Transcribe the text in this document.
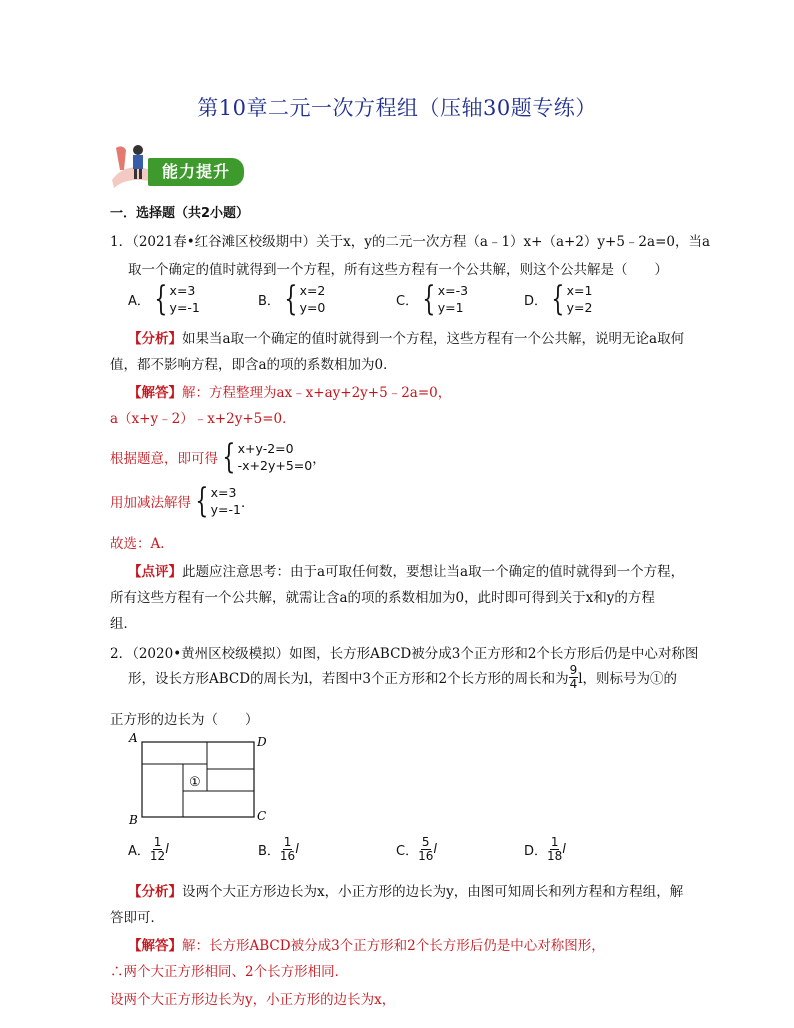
第10章二元一次方程组（压轴30题专练）
能力提升
一．选择题（共2小题）
1．（2021春•红谷滩区校级期中）关于x，y的二元一次方程（a﹣1）x+（a+2）y+5﹣2a=0，当a
取一个确定的值时就得到一个方程，所有这些方程有一个公共解，则这个公共解是（　　）
A． { x=3
y=-1	B． { x=2
y=0	C． { x=-3
y=1	D． { x=1
y=2
【分析】如果当a取一个确定的值时就得到一个方程，这些方程有一个公共解，说明无论a取何
值，都不影响方程，即含a的项的系数相加为0．
【解答】解：方程整理为ax﹣x+ay+2y+5﹣2a=0，
a（x+y﹣2）﹣x+2y+5=0．
根据题意，即可得 { x+y-2=0
-x+2y+5=0 ，
用加减法解得 { x=3
y=-1 ．
故选：A．
【点评】此题应注意思考：由于a可取任何数，要想让当a取一个确定的值时就得到一个方程，
所有这些方程有一个公共解，就需让含a的项的系数相加为0，此时即可得到关于x和y的方程
组．
2．（2020•黄州区校级模拟）如图，长方形ABCD被分成3个正方形和2个长方形后仍是中心对称图
形，设长方形ABCD的周长为l，若图中3个正方形和2个长方形的周长和为 $\frac{9}{4}$ l，则标号为①的
正方形的边长为（　　）
A	D
B	C
①
A． $\frac{1}{12}$ l	B． $\frac{1}{16}$ l	C． $\frac{5}{16}$ l	D． $\frac{1}{18}$ l
【分析】设两个大正方形边长为x，小正方形的边长为y，由图可知周长和列方程和方程组，解
答即可．
【解答】解：长方形ABCD被分成3个正方形和2个长方形后仍是中心对称图形，
∴两个大正方形相同、2个长方形相同．
设两个大正方形边长为y，小正方形的边长为x，
